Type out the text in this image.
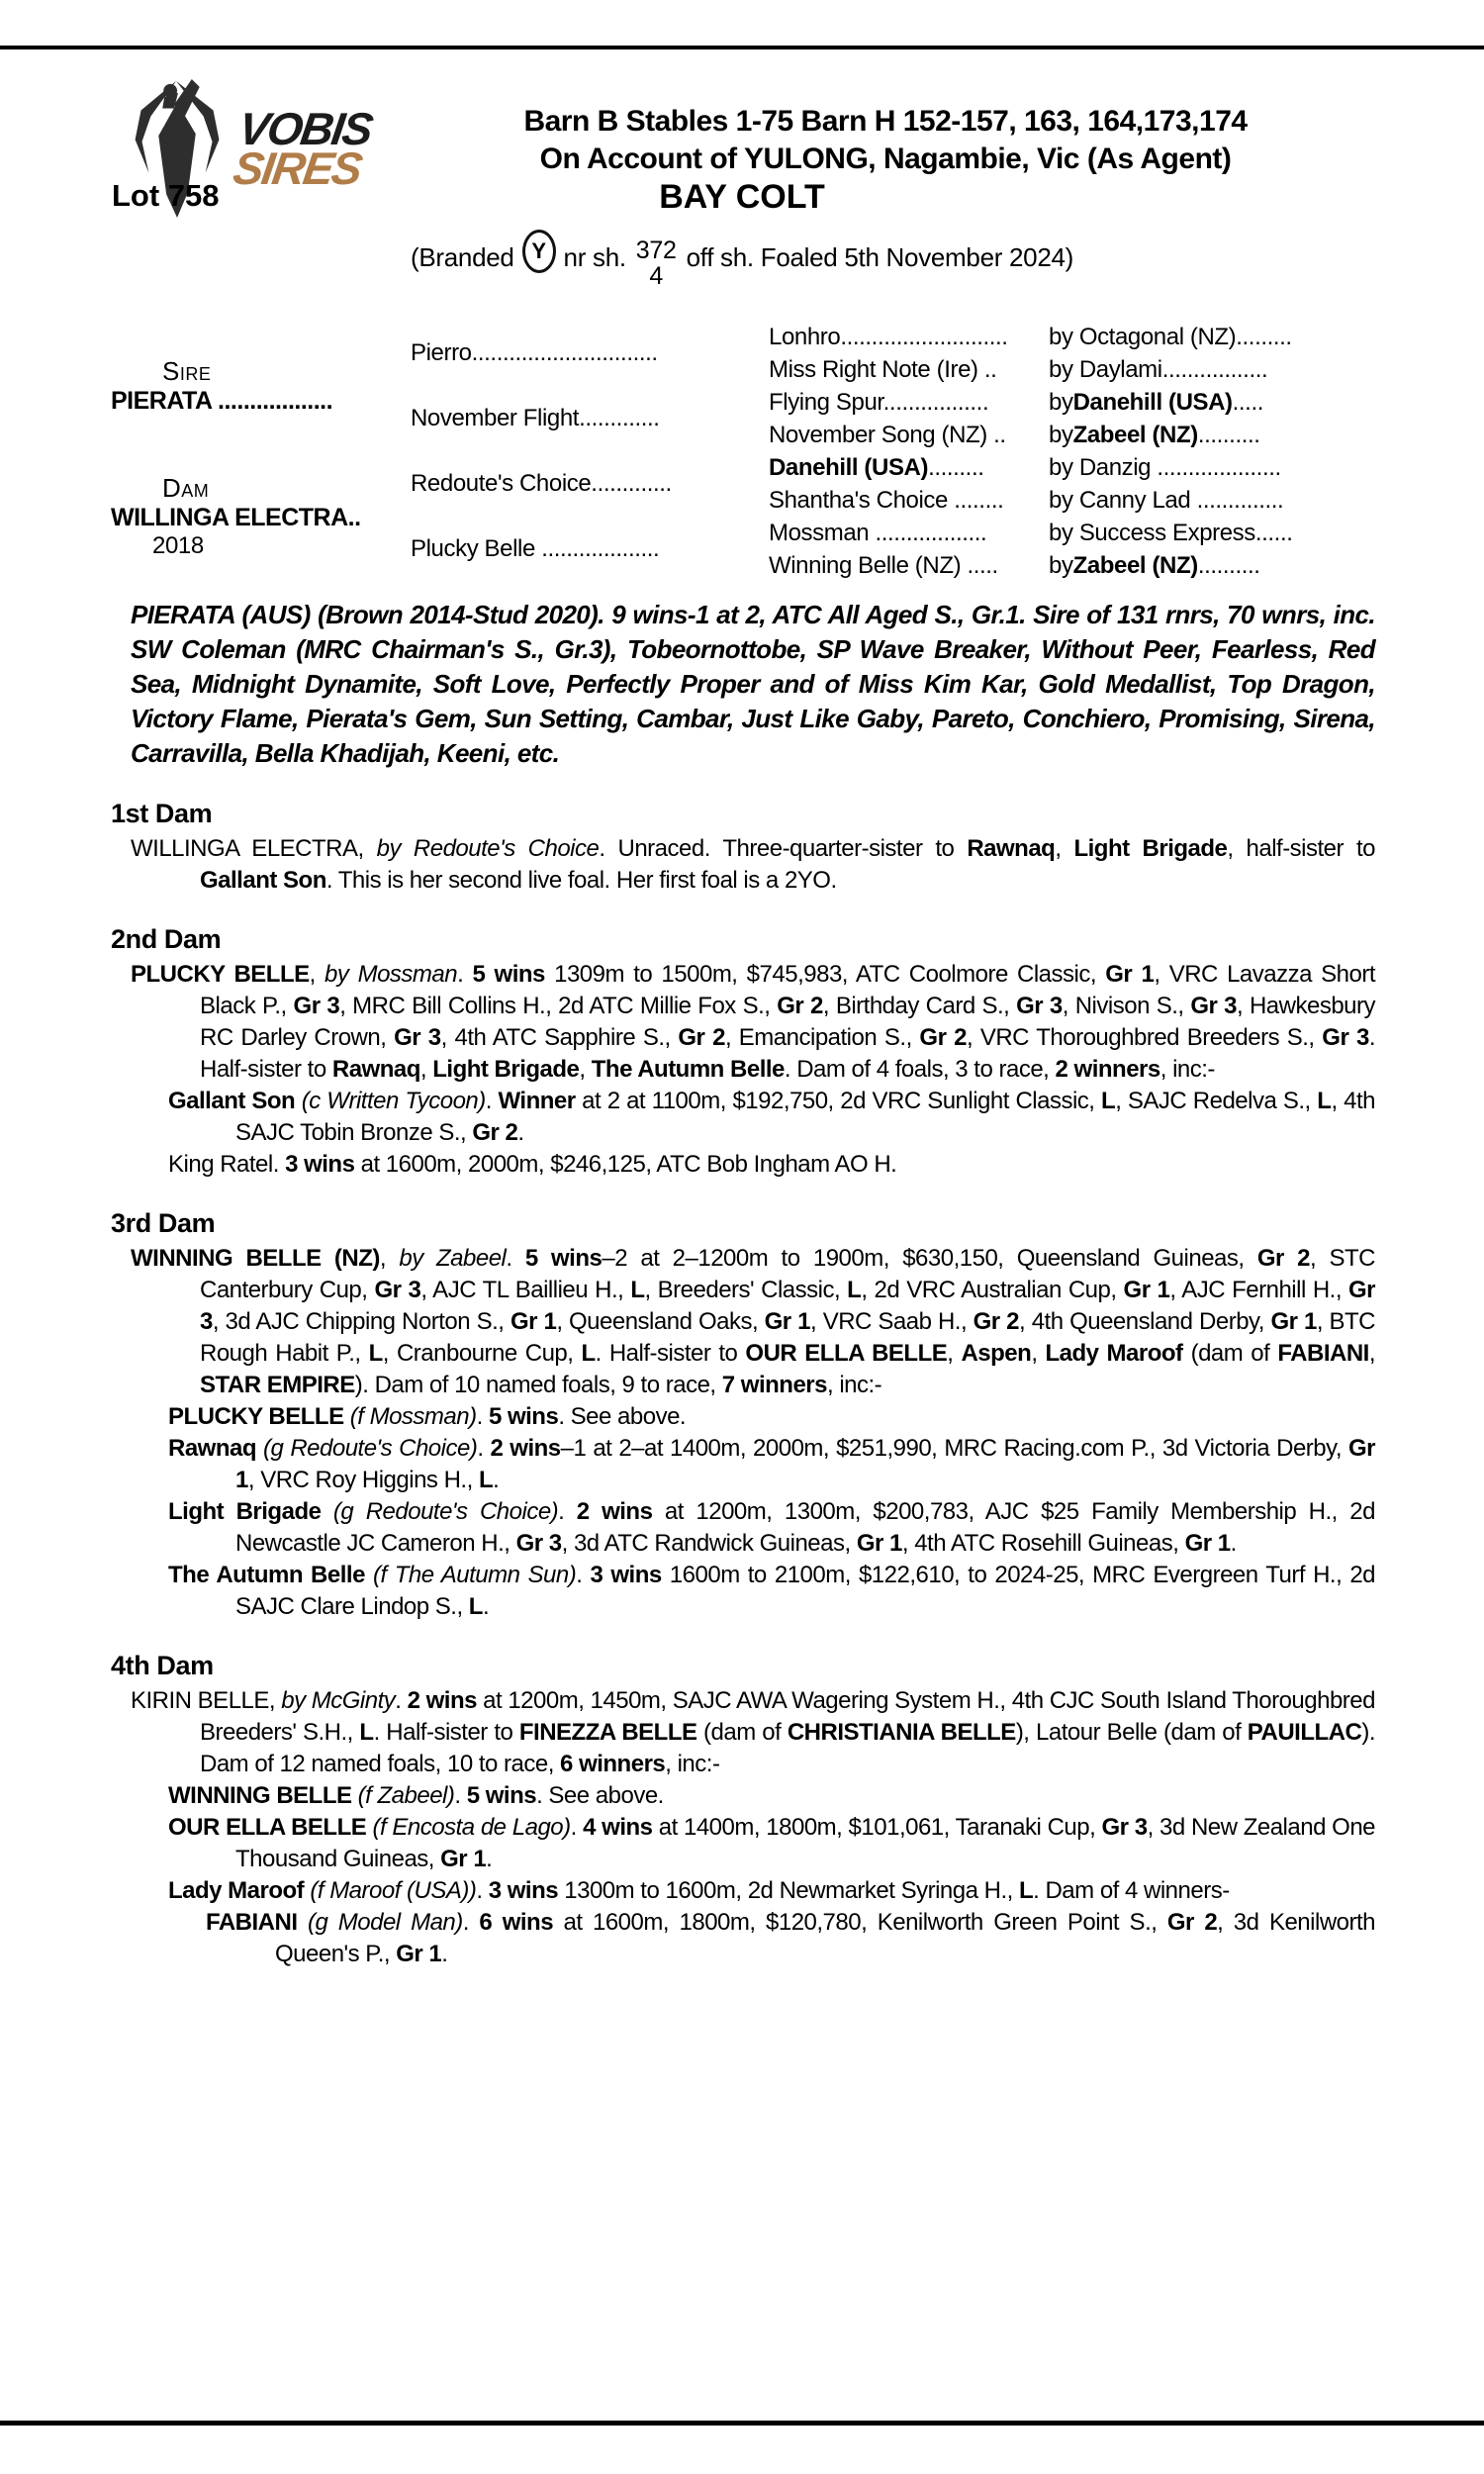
VOBIS
SIRES
Barn B Stables 1-75 Barn H 152-157, 163, 164,173,174
On Account of YULONG, Nagambie, Vic (As Agent)
Lot 758	BAY COLT
(Branded Y nr sh. 372
4
off sh. Foaled 5th November 2024)
Sire
PIERATA ..................
Dam
WILLINGA ELECTRA..
2018
Pierro..............................
November Flight.............
Redoute's Choice.............
Plucky Belle ...................
Lonhro...........................
Miss Right Note (Ire) ..
Flying Spur.................
November Song (NZ) ..
Danehill (USA) .........
Shantha's Choice ........
Mossman ..................
Winning Belle (NZ) .....
by Octagonal (NZ).........
by Daylami.................
by Danehill (USA) .....
by Zabeel (NZ) ..........
by Danzig ....................
by Canny Lad ..............
by Success Express......
by Zabeel (NZ) ..........

PIERATA (AUS) (Brown 2014-Stud 2020). 9 wins-1 at 2, ATC All Aged S., Gr.1. Sire of 131 rnrs, 70 wnrs, inc. SW Coleman (MRC Chairman's S., Gr.3), Tobeornottobe, SP Wave Breaker, Without Peer, Fearless, Red Sea, Midnight Dynamite, Soft Love, Perfectly Proper and of Miss Kim Kar, Gold Medallist, Top Dragon, Victory Flame, Pierata's Gem, Sun Setting, Cambar, Just Like Gaby, Pareto, Conchiero, Promising, Sirena, Carravilla, Bella Khadijah, Keeni, etc.

1st Dam

WILLINGA ELECTRA, by Redoute's Choice. Unraced. Three-quarter-sister to Rawnaq, Light Brigade, half-sister to Gallant Son. This is her second live foal. Her first foal is a 2YO.

2nd Dam

PLUCKY BELLE, by Mossman. 5 wins 1309m to 1500m, $745,983, ATC Coolmore Classic, Gr 1, VRC Lavazza Short Black P., Gr 3, MRC Bill Collins H., 2d ATC Millie Fox S., Gr 2, Birthday Card S., Gr 3, Nivison S., Gr 3, Hawkesbury RC Darley Crown, Gr 3, 4th ATC Sapphire S., Gr 2, Emancipation S., Gr 2, VRC Thoroughbred Breeders S., Gr 3. Half-sister to Rawnaq, Light Brigade, The Autumn Belle. Dam of 4 foals, 3 to race, 2 winners, inc:-

Gallant Son (c Written Tycoon). Winner at 2 at 1100m, $192,750, 2d VRC Sunlight Classic, L, SAJC Redelva S., L, 4th SAJC Tobin Bronze S., Gr 2.

King Ratel. 3 wins at 1600m, 2000m, $246,125, ATC Bob Ingham AO H.

3rd Dam

WINNING BELLE (NZ), by Zabeel. 5 wins–2 at 2–1200m to 1900m, $630,150, Queensland Guineas, Gr 2, STC Canterbury Cup, Gr 3, AJC TL Baillieu H., L, Breeders' Classic, L, 2d VRC Australian Cup, Gr 1, AJC Fernhill H., Gr 3, 3d AJC Chipping Norton S., Gr 1, Queensland Oaks, Gr 1, VRC Saab H., Gr 2, 4th Queensland Derby, Gr 1, BTC Rough Habit P., L, Cranbourne Cup, L. Half-sister to OUR ELLA BELLE, Aspen, Lady Maroof (dam of FABIANI, STAR EMPIRE). Dam of 10 named foals, 9 to race, 7 winners, inc:-

PLUCKY BELLE (f Mossman). 5 wins. See above.

Rawnaq (g Redoute's Choice). 2 wins–1 at 2–at 1400m, 2000m, $251,990, MRC Racing.com P., 3d Victoria Derby, Gr 1, VRC Roy Higgins H., L.

Light Brigade (g Redoute's Choice). 2 wins at 1200m, 1300m, $200,783, AJC $25 Family Membership H., 2d Newcastle JC Cameron H., Gr 3, 3d ATC Randwick Guineas, Gr 1, 4th ATC Rosehill Guineas, Gr 1.

The Autumn Belle (f The Autumn Sun). 3 wins 1600m to 2100m, $122,610, to 2024-25, MRC Evergreen Turf H., 2d SAJC Clare Lindop S., L.

4th Dam

KIRIN BELLE, by McGinty. 2 wins at 1200m, 1450m, SAJC AWA Wagering System H., 4th CJC South Island Thoroughbred Breeders' S.H., L. Half-sister to FINEZZA BELLE (dam of CHRISTIANIA BELLE), Latour Belle (dam of PAUILLAC). Dam of 12 named foals, 10 to race, 6 winners, inc:-

WINNING BELLE (f Zabeel). 5 wins. See above.

OUR ELLA BELLE (f Encosta de Lago). 4 wins at 1400m, 1800m, $101,061, Taranaki Cup, Gr 3, 3d New Zealand One Thousand Guineas, Gr 1.

Lady Maroof (f Maroof (USA)). 3 wins 1300m to 1600m, 2d Newmarket Syringa H., L. Dam of 4 winners-

FABIANI (g Model Man). 6 wins at 1600m, 1800m, $120,780, Kenilworth Green Point S., Gr 2, 3d Kenilworth Queen's P., Gr 1.
